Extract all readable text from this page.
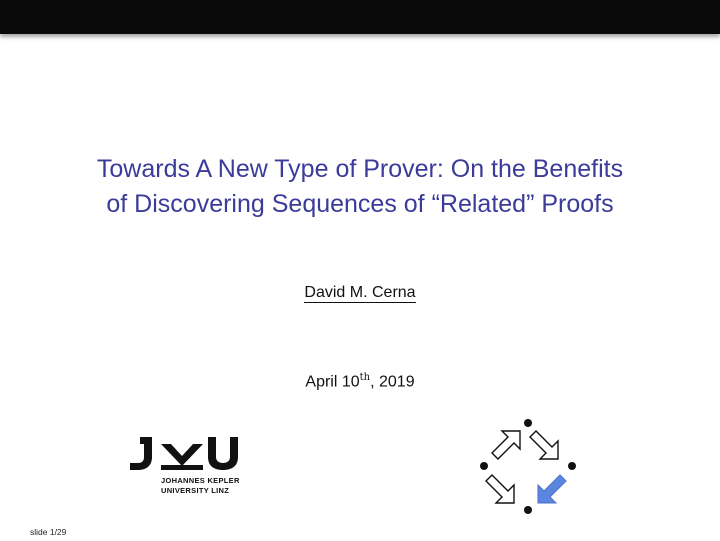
Towards A New Type of Prover: On the Benefits
of Discovering Sequences of “Related” Proofs
David M. Cerna
April 10th, 2019
JOHANNES KEPLER
UNIVERSITY LINZ
slide 1/29
